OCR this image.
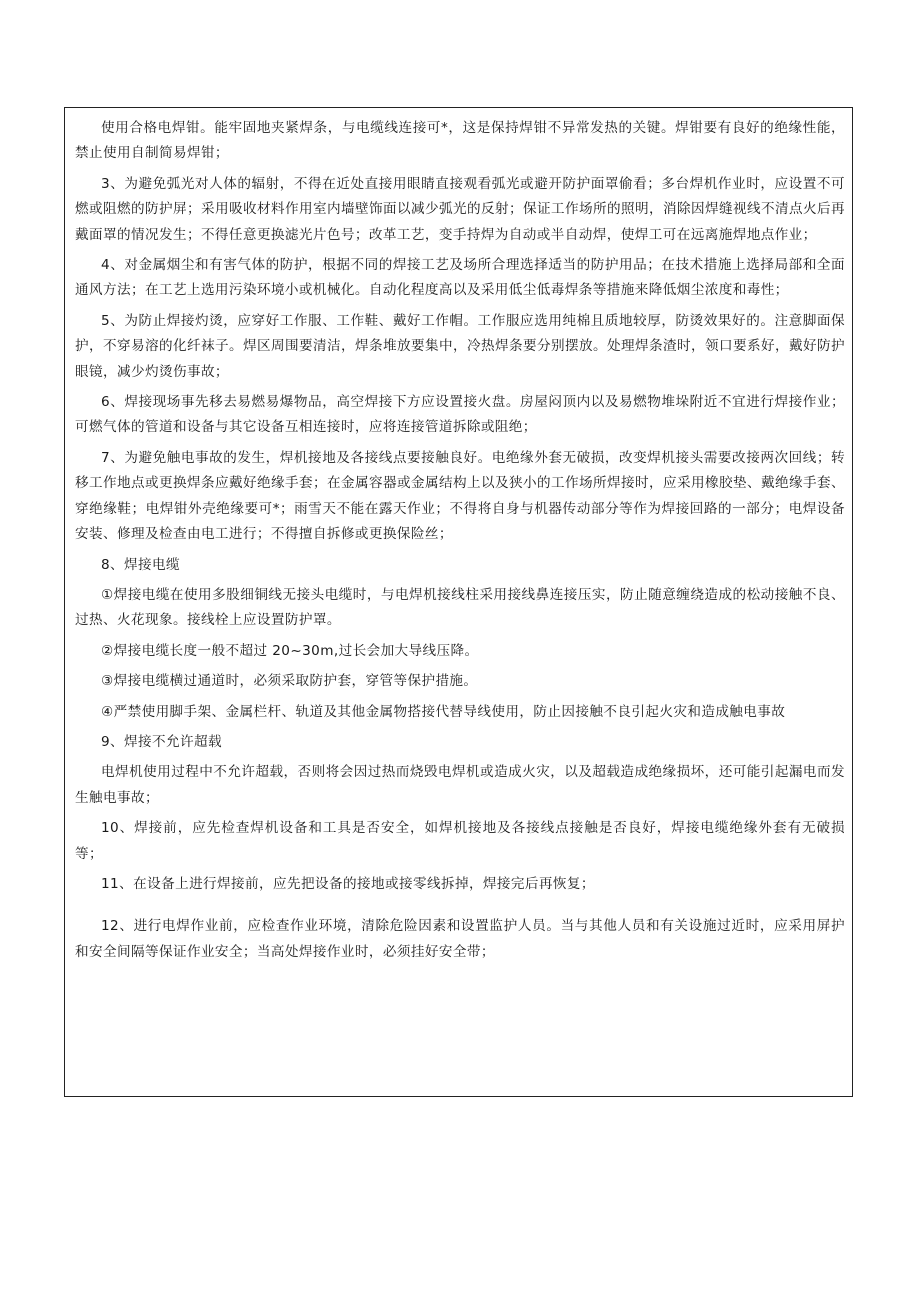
使用合格电焊钳。能牢固地夹紧焊条，与电缆线连接可*，这是保持焊钳不异常发热的关键。焊钳要有良好的绝缘性能，禁止使用自制简易焊钳；

3、为避免弧光对人体的辐射，不得在近处直接用眼睛直接观看弧光或避开防护面罩偷看；多台焊机作业时，应设置不可燃或阻燃的防护屏；采用吸收材料作用室内墙壁饰面以减少弧光的反射；保证工作场所的照明，消除因焊缝视线不清点火后再戴面罩的情况发生；不得任意更换滤光片色号；改革工艺，变手持焊为自动或半自动焊，使焊工可在远离施焊地点作业；

4、对金属烟尘和有害气体的防护，根据不同的焊接工艺及场所合理选择适当的防护用品；在技术措施上选择局部和全面通风方法；在工艺上选用污染环境小或机械化。自动化程度高以及采用低尘低毒焊条等措施来降低烟尘浓度和毒性；

5、为防止焊接灼烫，应穿好工作服、工作鞋、戴好工作帽。工作服应选用纯棉且质地较厚，防烫效果好的。注意脚面保护，不穿易溶的化纤袜子。焊区周围要清洁，焊条堆放要集中，冷热焊条要分别摆放。处理焊条渣时，领口要系好，戴好防护眼镜，减少灼烫伤事故；

6、焊接现场事先移去易燃易爆物品，高空焊接下方应设置接火盘。房屋闷顶内以及易燃物堆垛附近不宜进行焊接作业；可燃气体的管道和设备与其它设备互相连接时，应将连接管道拆除或阻绝；

7、为避免触电事故的发生，焊机接地及各接线点要接触良好。电绝缘外套无破损，改变焊机接头需要改接两次回线；转移工作地点或更换焊条应戴好绝缘手套；在金属容器或金属结构上以及狭小的工作场所焊接时，应采用橡胶垫、戴绝缘手套、穿绝缘鞋；电焊钳外壳绝缘要可*；雨雪天不能在露天作业；不得将自身与机器传动部分等作为焊接回路的一部分；电焊设备安装、修理及检查由电工进行；不得擅自拆修或更换保险丝；

8、焊接电缆

①焊接电缆在使用多股细铜线无接头电缆时，与电焊机接线柱采用接线鼻连接压实，防止随意缠绕造成的松动接触不良、过热、火花现象。接线栓上应设置防护罩。

②焊接电缆长度一般不超过 20~30m,过长会加大导线压降。

③焊接电缆横过通道时，必须采取防护套，穿管等保护措施。

④严禁使用脚手架、金属栏杆、轨道及其他金属物搭接代替导线使用，防止因接触不良引起火灾和造成触电事故

9、焊接不允许超载

电焊机使用过程中不允许超载，否则将会因过热而烧毁电焊机或造成火灾，以及超载造成绝缘损坏，还可能引起漏电而发生触电事故；

10、焊接前，应先检查焊机设备和工具是否安全，如焊机接地及各接线点接触是否良好，焊接电缆绝缘外套有无破损等；

11、在设备上进行焊接前，应先把设备的接地或接零线拆掉，焊接完后再恢复；

12、进行电焊作业前，应检查作业环境，清除危险因素和设置监护人员。当与其他人员和有关设施过近时，应采用屏护和安全间隔等保证作业安全；当高处焊接作业时，必须挂好安全带；
